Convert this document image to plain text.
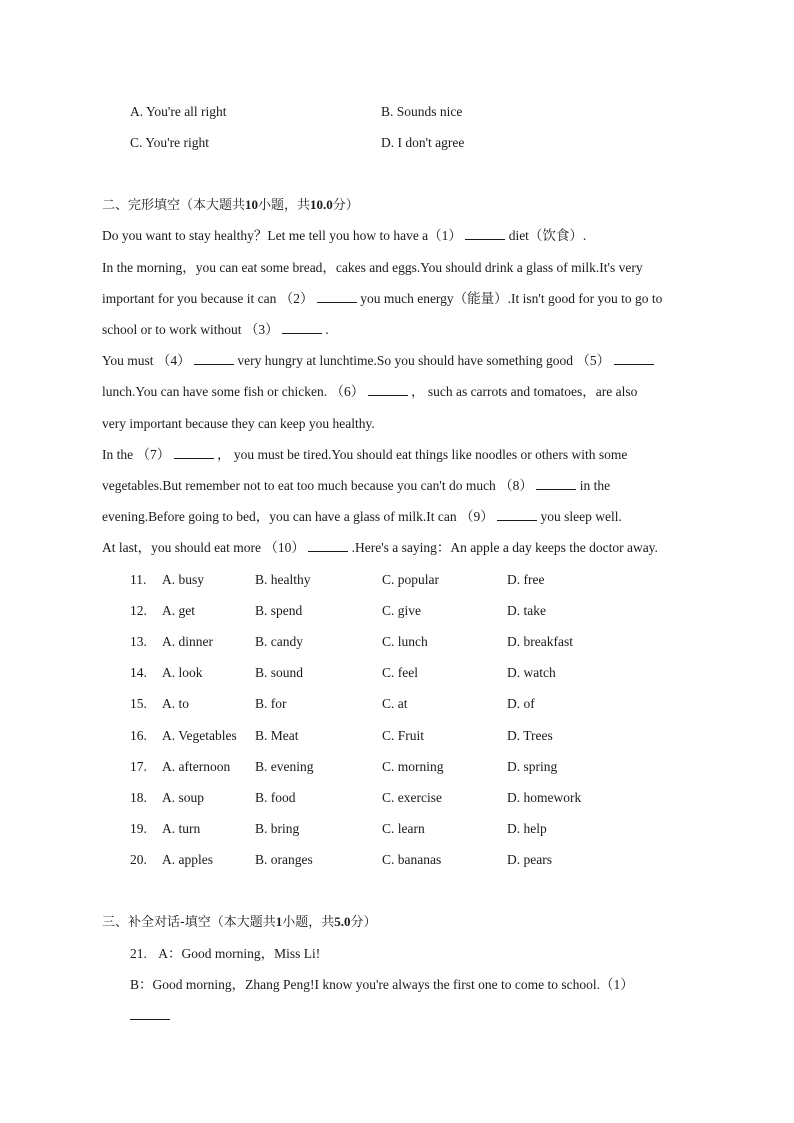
A. You're all right	B. Sounds nice
C. You're right	D. I don't agree
二、完形填空（本大题共10小题，共10.0分）
Do you want to stay healthy？Let me tell you how to have a（1）	diet（饮食）.
In the morning，you can eat some bread，cakes and eggs.You should drink a glass of milk.It's very
important for you because it can （2）	you much energy（能量）.It isn't good for you to go to
school or to work without （3）	.
You must （4）	very hungry at lunchtime.So you should have something good （5）
lunch.You can have some fish or chicken. （6）	， such as carrots and tomatoes，are also
very important because they can keep you healthy.
In the （7）	， you must be tired.You should eat things like noodles or others with some
vegetables.But remember not to eat too much because you can't do much （8）	in the
evening.Before going to bed，you can have a glass of milk.It can （9）	you sleep well.
At last，you should eat more （10）	.Here's a saying：An apple a day keeps the doctor away.
11. A. busy	B. healthy	C. popular	D. free
12. A. get	B. spend	C. give	D. take
13. A. dinner	B. candy	C. lunch	D. breakfast
14. A. look	B. sound	C. feel	D. watch
15. A. to	B. for	C. at	D. of
16. A. Vegetables B. Meat	C. Fruit	D. Trees
17. A. afternoon B. evening	C. morning	D. spring
18. A. soup	B. food	C. exercise	D. homework
19. A. turn	B. bring	C. learn	D. help
20. A. apples	B. oranges	C. bananas	D. pears
三、补全对话-填空（本大题共1小题，共5.0分）
21. A：Good morning，Miss Li!
B：Good morning，Zhang Peng!I know you're always the first one to come to school.（1）
